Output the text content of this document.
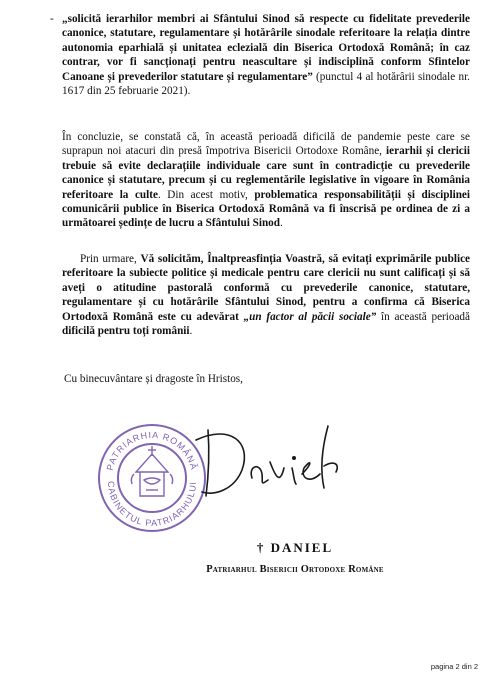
- „solicită ierarhilor membri ai Sfântului Sinod să respecte cu fidelitate prevederile canonice, statutare, regulamentare și hotărârile sinodale referitoare la relația dintre autonomia eparhială și unitatea eclezială din Biserica Ortodoxă Română; în caz contrar, vor fi sancționați pentru neascultare și indisciplină conform Sfintelor Canoane și prevederilor statutare și regulamentare” (punctul 4 al hotărârii sinodale nr. 1617 din 25 februarie 2021).

În concluzie, se constată că, în această perioadă dificilă de pandemie peste care se suprapun noi atacuri din presă împotriva Bisericii Ortodoxe Române, ierarhii și clericii trebuie să evite declarațiile individuale care sunt în contradicție cu prevederile canonice și statutare, precum și cu reglementările legislative în vigoare în România referitoare la culte. Din acest motiv, problematica responsabilității și disciplinei comunicării publice în Biserica Ortodoxă Română va fi înscrisă pe ordinea de zi a următoarei ședințe de lucru a Sfântului Sinod.

Prin urmare, Vă solicităm, Înaltpreasfinția Voastră, să evitați exprimările publice referitoare la subiecte politice și medicale pentru care clericii nu sunt calificați și să aveți o atitudine pastorală conformă cu prevederile canonice, statutare, regulamentare și cu hotărârile Sfântului Sinod, pentru a confirma că Biserica Ortodoxă Română este cu adevărat „un factor al păcii sociale” în această perioadă dificilă pentru toți românii.

Cu binecuvântare și dragoste în Hristos,

PATRIARHIA ROMÂNĂ
CABINETUL PATRIARHULUI
† DANIEL
Patriarhul Bisericii Ortodoxe Române
pagina 2 din 2
